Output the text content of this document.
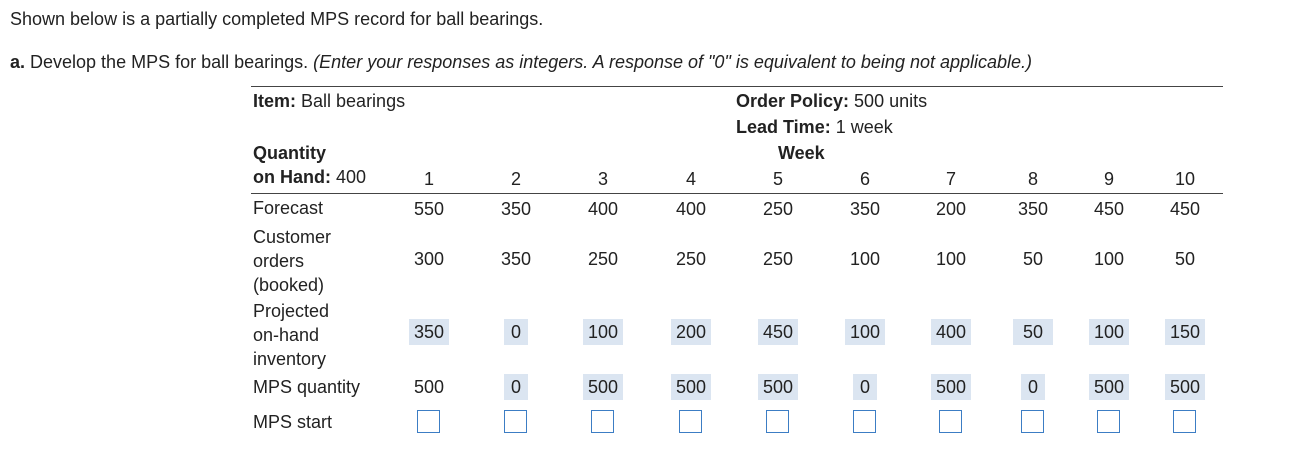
Shown below is a partially completed MPS record for ball bearings.
a. Develop the MPS for ball bearings. (Enter your responses as integers. A response of "0" is equivalent to being not applicable.)
Item: Ball bearings	Order Policy: 500 units
Lead Time: 1 week
Quantity
on Hand: 400
Week
Forecast
Customer
orders
(booked)
Projected
on-hand
inventory
MPS quantity
MPS start
1
550
300
350
500
2
350
350
0
0
3
400
250
100
500
4
400
250
200
500
5
250
250
450
500
6
350
100
100
0
7
200
100
400
500
8
350
50
50
0
9
450
100
100
500
10
450
50
150
500
